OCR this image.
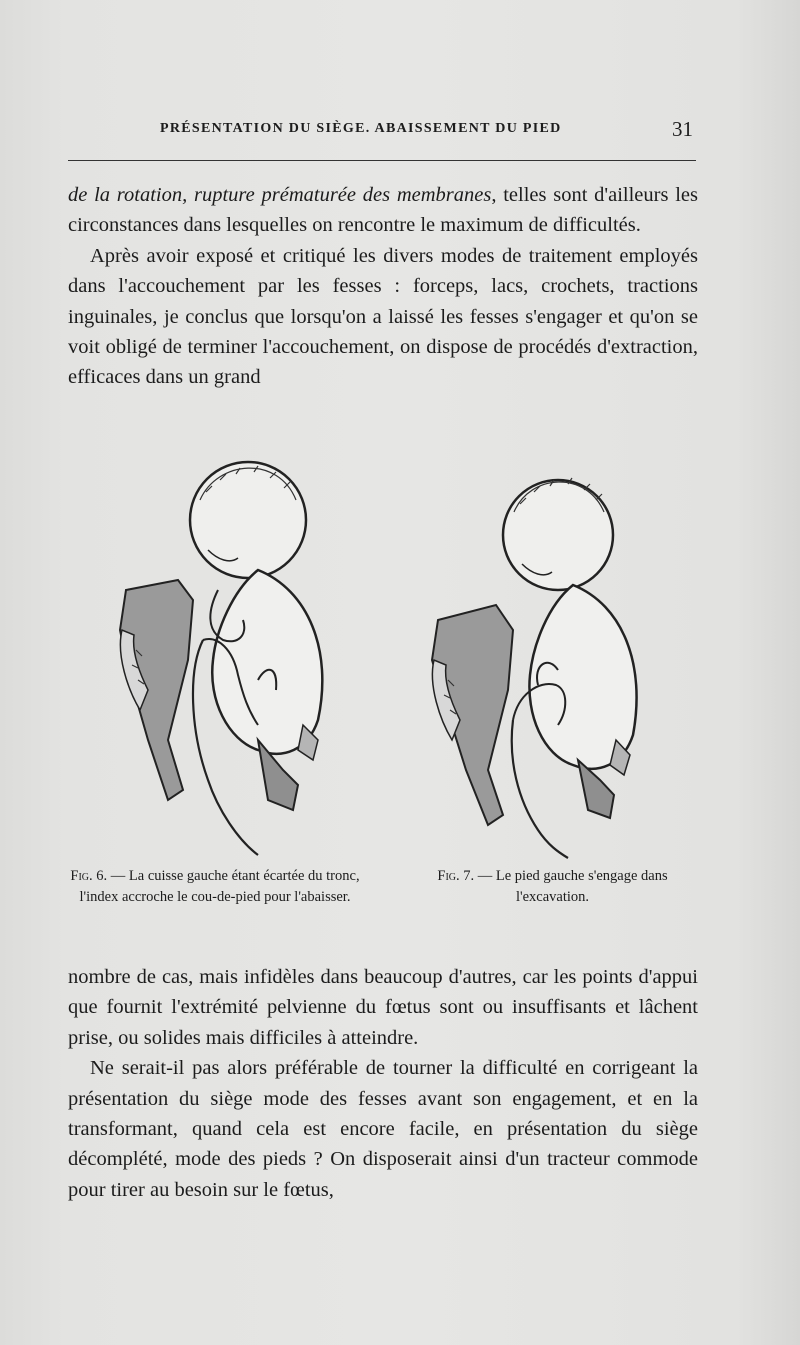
PRÉSENTATION DU SIÈGE. ABAISSEMENT DU PIED	31

de la rotation, rupture prématurée des membranes, telles sont d'ailleurs les circonstances dans lesquelles on rencontre le maximum de difficultés.

Après avoir exposé et critiqué les divers modes de traitement employés dans l'accouchement par les fesses : forceps, lacs, crochets, tractions inguinales, je conclus que lorsqu'on a laissé les fesses s'engager et qu'on se voit obligé de terminer l'accouchement, on dispose de procédés d'extraction, efficaces dans un grand

Fig. 6. — La cuisse gauche étant écartée du tronc, l'index accroche le cou-de-pied pour l'abaisser.
Fig. 7. — Le pied gauche s'engage dans l'excavation.

nombre de cas, mais infidèles dans beaucoup d'autres, car les points d'appui que fournit l'extrémité pelvienne du fœtus sont ou insuffisants et lâchent prise, ou solides mais difficiles à atteindre.

Ne serait-il pas alors préférable de tourner la difficulté en corrigeant la présentation du siège mode des fesses avant son engagement, et en la transformant, quand cela est encore facile, en présentation du siège décomplété, mode des pieds ? On disposerait ainsi d'un tracteur commode pour tirer au besoin sur le fœtus,
